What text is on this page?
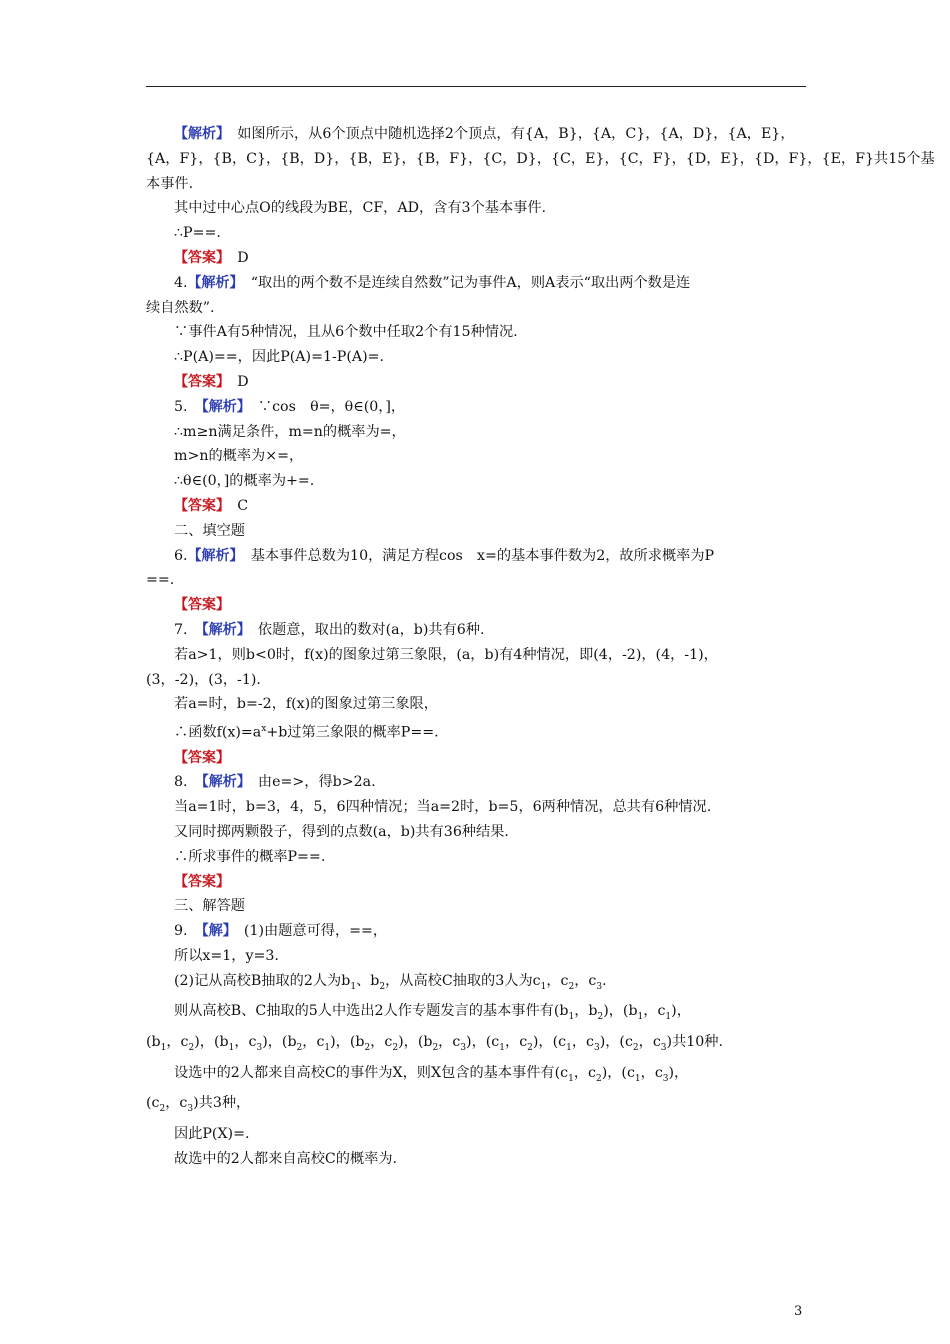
【解析】　如图所示，从6个顶点中随机选择2个顶点，有{A，B}，{A，C}，{A，D}，{A，E}，
{A，F}，{B，C}，{B，D}，{B，E}，{B，F}，{C，D}，{C，E}，{C，F}，{D，E}，{D，F}，{E，F}共15个基
本事件.
其中过中心点O的线段为BE，CF，AD，含有3个基本事件.
∴P==.
【答案】　D
4.【解析】　“取出的两个数不是连续自然数”记为事件A，则A表示“取出两个数是连
续自然数”.
∵事件A有5种情况，且从6个数中任取2个有15种情况.
∴P(A)==，因此P(A)=1-P(A)=.
【答案】　D
5.　【解析】　∵cos　θ=，θ∈(0，]，
∴m≥n满足条件，m=n的概率为=，
m>n的概率为×=，
∴θ∈(0，]的概率为+=.
【答案】　C
二、填空题
6.【解析】　基本事件总数为10，满足方程cos　x=的基本事件数为2，故所求概率为P
==.
【答案】
7.　【解析】　依题意，取出的数对(a，b)共有6种.
若a>1，则b<0时，f(x)的图象过第三象限，(a，b)有4种情况，即(4，-2)，(4，-1)，
(3，-2)，(3，-1).
若a=时，b=-2，f(x)的图象过第三象限，
∴函数$f(x)=a^x+b$过第三象限的概率P==.
【答案】
8.　【解析】　由e=>，得b>2a.
当a=1时，b=3，4，5，6四种情况；当a=2时，b=5，6两种情况，总共有6种情况.
又同时掷两颗骰子，得到的点数(a，b)共有36种结果.
∴所求事件的概率P==.
【答案】
三、解答题
9.　【解】　(1)由题意可得，==，
所以x=1，y=3.
(2)记从高校B抽取的2人为$b_1$、$b_2$，从高校C抽取的3人为$c_1$，$c_2$，$c_3$.
则从高校B、C抽取的5人中选出2人作专题发言的基本事件有($b_1$，$b_2$)，($b_1$，$c_1$)，
($b_1$，$c_2$)，($b_1$，$c_3$)，($b_2$，$c_1$)，($b_2$，$c_2$)，($b_2$，$c_3$)，($c_1$，$c_2$)，($c_1$，$c_3$)，($c_2$，$c_3$)共10种.
设选中的2人都来自高校C的事件为X，则X包含的基本事件有($c_1$，$c_2$)，($c_1$，$c_3$)，
($c_2$，$c_3$)共3种，
因此P(X)=.
故选中的2人都来自高校C的概率为.
3
